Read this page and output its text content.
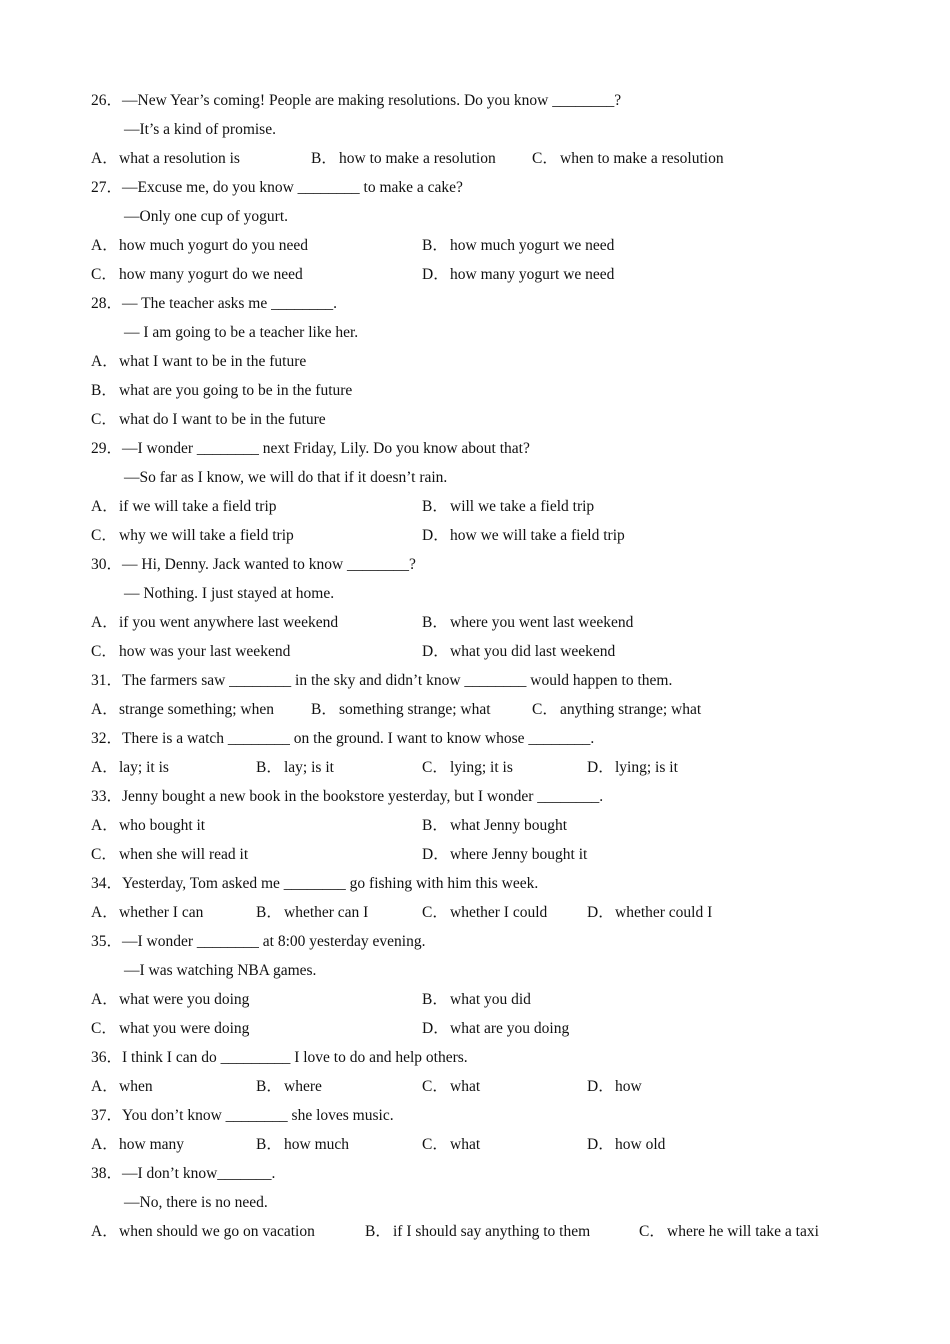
26．—New Year’s coming! People are making resolutions. Do you know ________?
—It’s a kind of promise.
A．what a resolution is	B． how to make a resolution C． when to make a resolution
27．—Excuse me, do you know ________ to make a cake?
—Only one cup of yogurt.
A．how much yogurt do you need	B． how much yogurt we need
C． how many yogurt do we need	D．how many yogurt we need
28．— The teacher asks me ________.
— I am going to be a teacher like her.
A．what I want to be in the future
B． what are you going to be in the future
C． what do I want to be in the future
29．—I wonder ________ next Friday, Lily. Do you know about that?
—So far as I know, we will do that if it doesn’t rain.
A．if we will take a field trip	B． will we take a field trip
C． why we will take a field trip	D．how we will take a field trip
30．— Hi, Denny. Jack wanted to know ________?
— Nothing. I just stayed at home.
A．if you went anywhere last weekend	B． where you went last weekend
C． how was your last weekend	D．what you did last weekend
31．The farmers saw ________ in the sky and didn’t know ________ would happen to them.
A．strange something; when B． something strange; what	C． anything strange; what
32．There is a watch ________ on the ground. I want to know whose ________.
A．lay; it is	B． lay; is it	C． lying; it is	D．lying; is it
33．Jenny bought a new book in the bookstore yesterday, but I wonder ________.
A．who bought it	B． what Jenny bought
C． when she will read it	D．where Jenny bought it
34．Yesterday, Tom asked me ________ go fishing with him this week.
A．whether I can	B． whether can I	C． whether I could	D．whether could I
35．—I wonder ________ at 8:00 yesterday evening.
—I was watching NBA games.
A．what were you doing	B． what you did
C． what you were doing	D．what are you doing
36．I think I can do _________ I love to do and help others.
A．when	B． where	C． what	D．how
37．You don’t know ________ she loves music.
A．how many	B． how much	C． what	D．how old
38．—I don’t know_______.
—No, there is no need.
A．when should we go on vacation	B． if I should say anything to them	C． where he will take a taxi
